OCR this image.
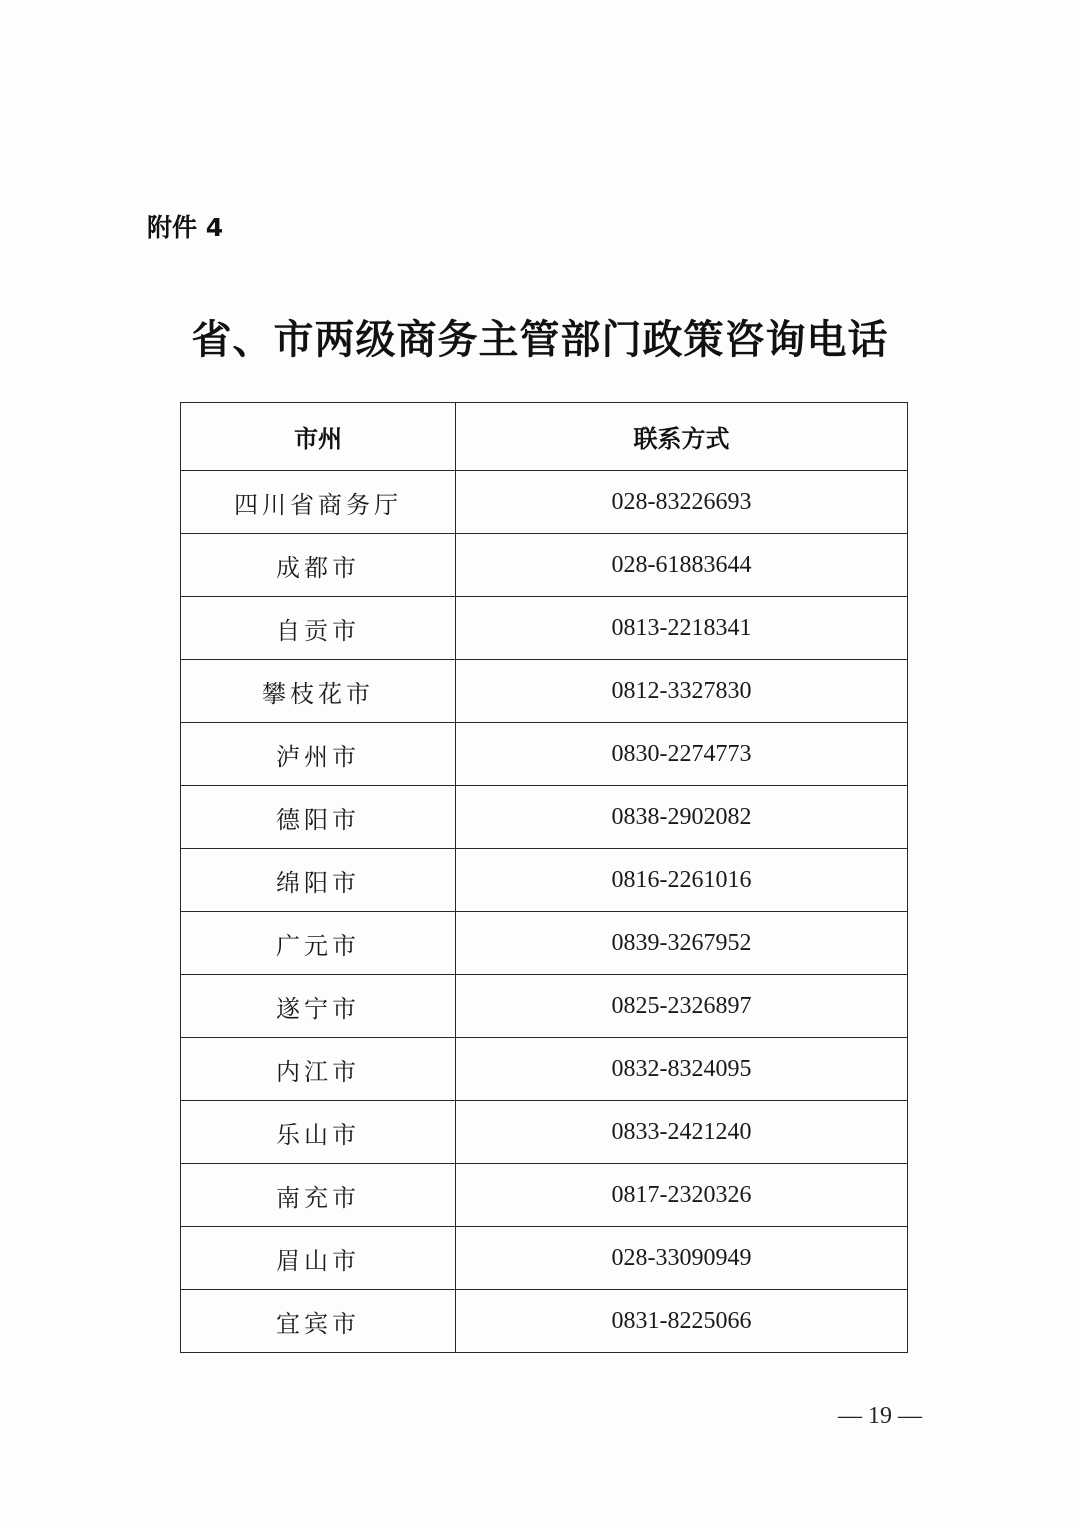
附件 4
省、市两级商务主管部门政策咨询电话
市州	联系方式
四川省商务厅	028-83226693
成都市	028-61883644
自贡市	0813-2218341
攀枝花市	0812-3327830
泸州市	0830-2274773
德阳市	0838-2902082
绵阳市	0816-2261016
广元市	0839-3267952
遂宁市	0825-2326897
内江市	0832-8324095
乐山市	0833-2421240
南充市	0817-2320326
眉山市	028-33090949
宜宾市	0831-8225066
— 19 —
